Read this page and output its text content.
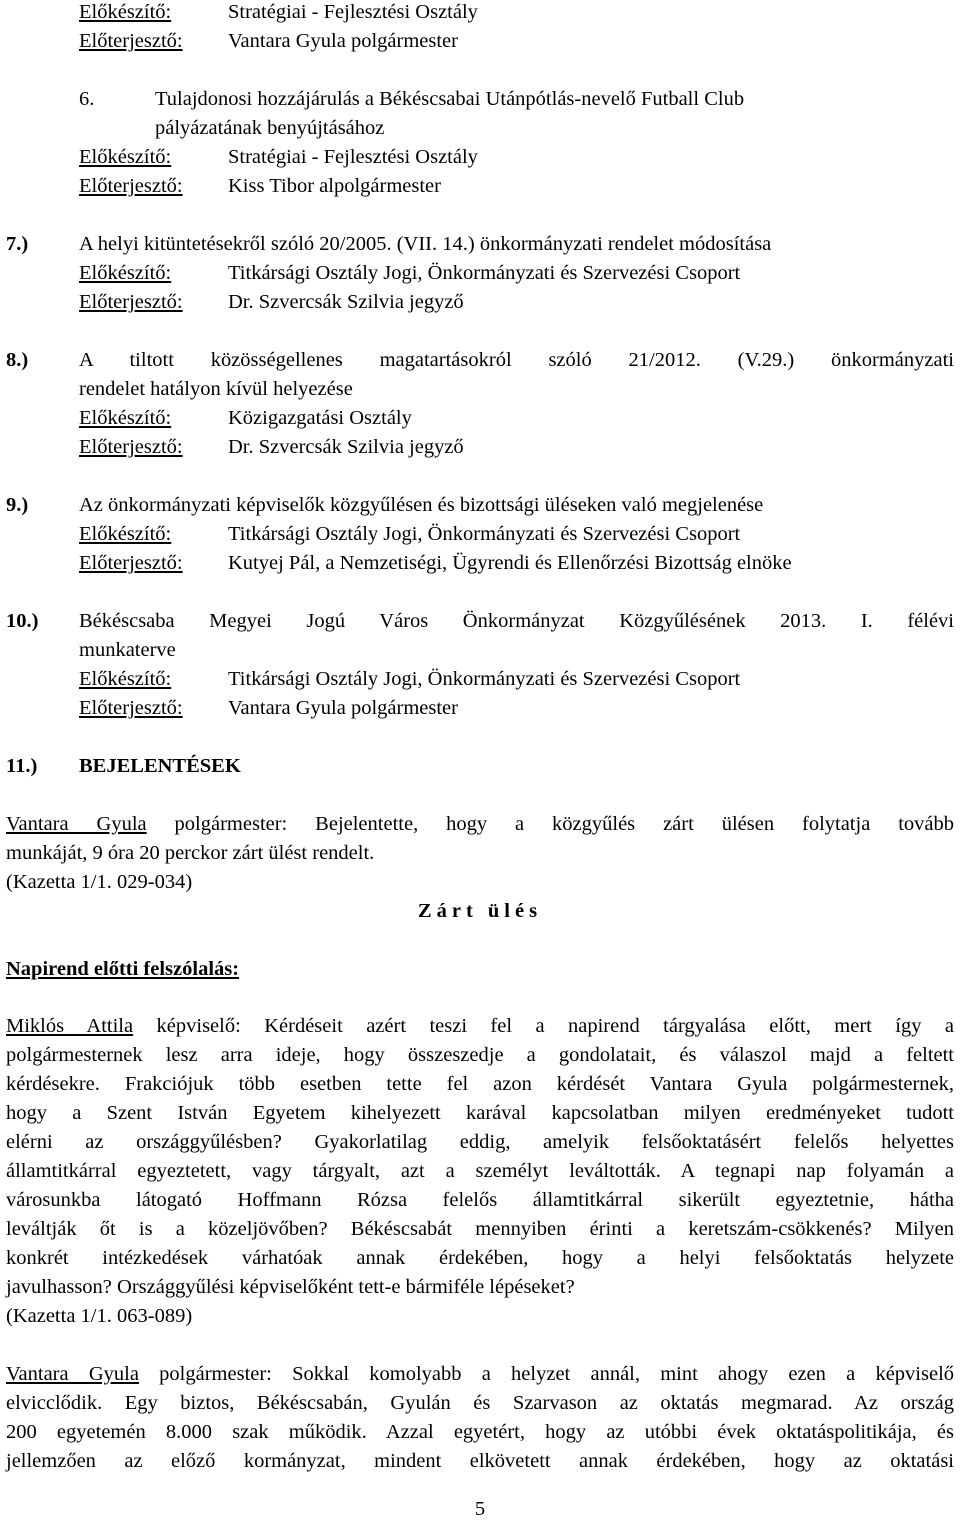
Előkészítő:	Stratégiai - Fejlesztési Osztály
Előterjesztő: Vantara Gyula polgármester
6.	Tulajdonosi hozzájárulás a Békéscsabai Utánpótlás-nevelő Futball Club
pályázatának benyújtásához
Előkészítő:	Stratégiai - Fejlesztési Osztály
Előterjesztő: Kiss Tibor alpolgármester
7.) A helyi kitüntetésekről szóló 20/2005. (VII. 14.) önkormányzati rendelet módosítása
Előkészítő:	Titkársági Osztály Jogi, Önkormányzati és Szervezési Csoport
Előterjesztő: Dr. Szvercsák Szilvia jegyző
8.) A tiltott közösségellenes magatartásokról szóló 21/2012. (V.29.) önkormányzati
rendelet hatályon kívül helyezése
Előkészítő:	Közigazgatási Osztály
Előterjesztő: Dr. Szvercsák Szilvia jegyző
9.) Az önkormányzati képviselők közgyűlésen és bizottsági üléseken való megjelenése
Előkészítő:	Titkársági Osztály Jogi, Önkormányzati és Szervezési Csoport
Előterjesztő: Kutyej Pál, a Nemzetiségi, Ügyrendi és Ellenőrzési Bizottság elnöke
10.) Békéscsaba Megyei Jogú Város Önkormányzat Közgyűlésének 2013. I. félévi
munkaterve
Előkészítő:	Titkársági Osztály Jogi, Önkormányzati és Szervezési Csoport
Előterjesztő: Vantara Gyula polgármester
11.) BEJELENTÉSEK
Vantara Gyula polgármester: Bejelentette, hogy a közgyűlés zárt ülésen folytatja tovább
munkáját, 9 óra 20 perckor zárt ülést rendelt.
(Kazetta 1/1. 029-034)
Zárt ülés
Napirend előtti felszólalás:
Miklós Attila képviselő: Kérdéseit azért teszi fel a napirend tárgyalása előtt, mert így a
polgármesternek lesz arra ideje, hogy összeszedje a gondolatait, és válaszol majd a feltett
kérdésekre. Frakciójuk több esetben tette fel azon kérdését Vantara Gyula polgármesternek,
hogy a Szent István Egyetem kihelyezett karával kapcsolatban milyen eredményeket tudott
elérni az országgyűlésben? Gyakorlatilag eddig, amelyik felsőoktatásért felelős helyettes
államtitkárral egyeztetett, vagy tárgyalt, azt a személyt leváltották. A tegnapi nap folyamán a
városunkba látogató Hoffmann Rózsa felelős államtitkárral sikerült egyeztetnie, hátha
leváltják őt is a közeljövőben? Békéscsabát mennyiben érinti a keretszám-csökkenés? Milyen
konkrét intézkedések várhatóak annak érdekében, hogy a helyi felsőoktatás helyzete
javulhasson? Országgyűlési képviselőként tett-e bármiféle lépéseket?
(Kazetta 1/1. 063-089)
Vantara Gyula polgármester: Sokkal komolyabb a helyzet annál, mint ahogy ezen a képviselő
elvicclődik. Egy biztos, Békéscsabán, Gyulán és Szarvason az oktatás megmarad. Az ország
200 egyetemén 8.000 szak működik. Azzal egyetért, hogy az utóbbi évek oktatáspolitikája, és
jellemzően az előző kormányzat, mindent elkövetett annak érdekében, hogy az oktatási
5
